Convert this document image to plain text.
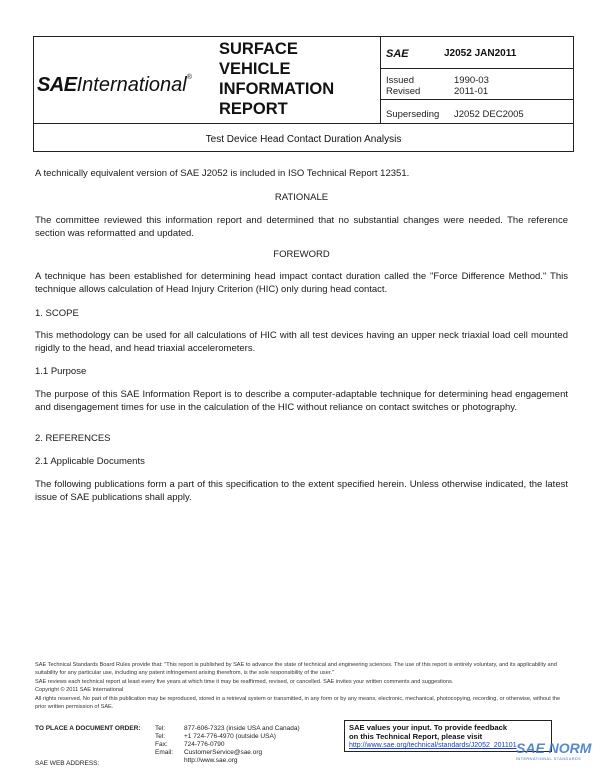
SAEInternational®
SURFACE
VEHICLE
INFORMATION
REPORT
SAE	J2052 JAN2011
Issued	1990-03
Revised	2011-01
Superseding J2052 DEC2005
Test Device Head Contact Duration Analysis
A technically equivalent version of SAE J2052 is included in ISO Technical Report 12351.
RATIONALE
The committee reviewed this information report and determined that no substantial changes were needed. The reference section was reformatted and updated.
FOREWORD
A technique has been established for determining head impact contact duration called the "Force Difference Method." This technique allows calculation of Head Injury Criterion (HIC) only during head contact.
1. SCOPE
This methodology can be used for all calculations of HIC with all test devices having an upper neck triaxial load cell mounted rigidly to the head, and head triaxial accelerometers.
1.1 Purpose
The purpose of this SAE Information Report is to describe a computer-adaptable technique for determining head engagement and disengagement times for use in the calculation of the HIC without reliance on contact switches or photography.
2. REFERENCES
2.1 Applicable Documents
The following publications form a part of this specification to the extent specified herein. Unless otherwise indicated, the latest issue of SAE publications shall apply.
SAE Technical Standards Board Rules provide that: "This report is published by SAE to advance the state of technical and engineering sciences. The use of this report is entirely voluntary, and its applicability and suitability for any particular use, including any patent infringement arising therefrom, is the sole responsibility of the user."
SAE reviews each technical report at least every five years at which time it may be reaffirmed, revised, or cancelled. SAE invites your written comments and suggestions.
Copyright © 2011 SAE International
All rights reserved. No part of this publication may be reproduced, stored in a retrieval system or transmitted, in any form or by any means, electronic, mechanical, photocopying, recording, or otherwise, without the prior written permission of SAE.
TO PLACE A DOCUMENT ORDER:	Tel:	877-606-7323 (inside USA and Canada)
Tel:	+1 724-776-4970 (outside USA)
Fax:	724-776-0790
Email: CustomerService@sae.org
http://www.sae.org
SAE WEB ADDRESS:
SAE values your input. To provide feedback
on this Technical Report, please visit
http://www.sae.org/technical/standards/J2052_201101 SAE NORM
INTERNATIONAL STANDARDS
